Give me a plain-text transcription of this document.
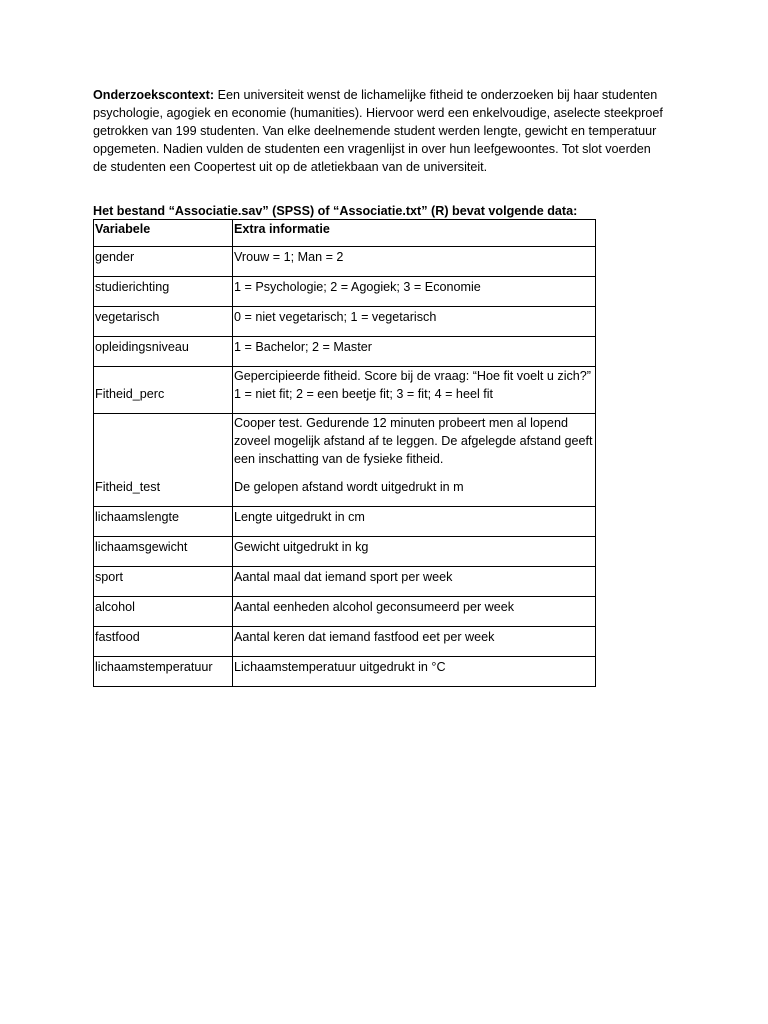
Onderzoekscontext: Een universiteit wenst de lichamelijke fitheid te onderzoeken bij haar studenten psychologie, agogiek en economie (humanities). Hiervoor werd een enkelvoudige, aselecte steekproef getrokken van 199 studenten. Van elke deelnemende student werden lengte, gewicht en temperatuur opgemeten. Nadien vulden de studenten een vragenlijst in over hun leefgewoontes. Tot slot voerden de studenten een Coopertest uit op de atletiekbaan van de universiteit.

Het bestand “Associatie.sav” (SPSS) of “Associatie.txt” (R) bevat volgende data:

Variabele	Extra informatie
gender	Vrouw = 1; Man = 2
studierichting	1 = Psychologie; 2 = Agogiek; 3 = Economie
vegetarisch	0 = niet vegetarisch; 1 = vegetarisch
opleidingsniveau	1 = Bachelor; 2 = Master

Fitheid_perc	Gepercipieerde fitheid. Score bij de vraag: “Hoe fit voelt u zich?”
1 = niet fit; 2 = een beetje fit; 3 = fit; 4 = heel fit

Fitheid_test	Cooper test. Gedurende 12 minuten probeert men al lopend zoveel mogelijk afstand af te leggen. De afgelegde afstand geeft een inschatting van de fysieke fitheid.
De gelopen afstand wordt uitgedrukt in m

lichaamslengte	Lengte uitgedrukt in cm
lichaamsgewicht	Gewicht uitgedrukt in kg
sport	Aantal maal dat iemand sport per week
alcohol	Aantal eenheden alcohol geconsumeerd per week
fastfood	Aantal keren dat iemand fastfood eet per week
lichaamstemperatuur	Lichaamstemperatuur uitgedrukt in °C
